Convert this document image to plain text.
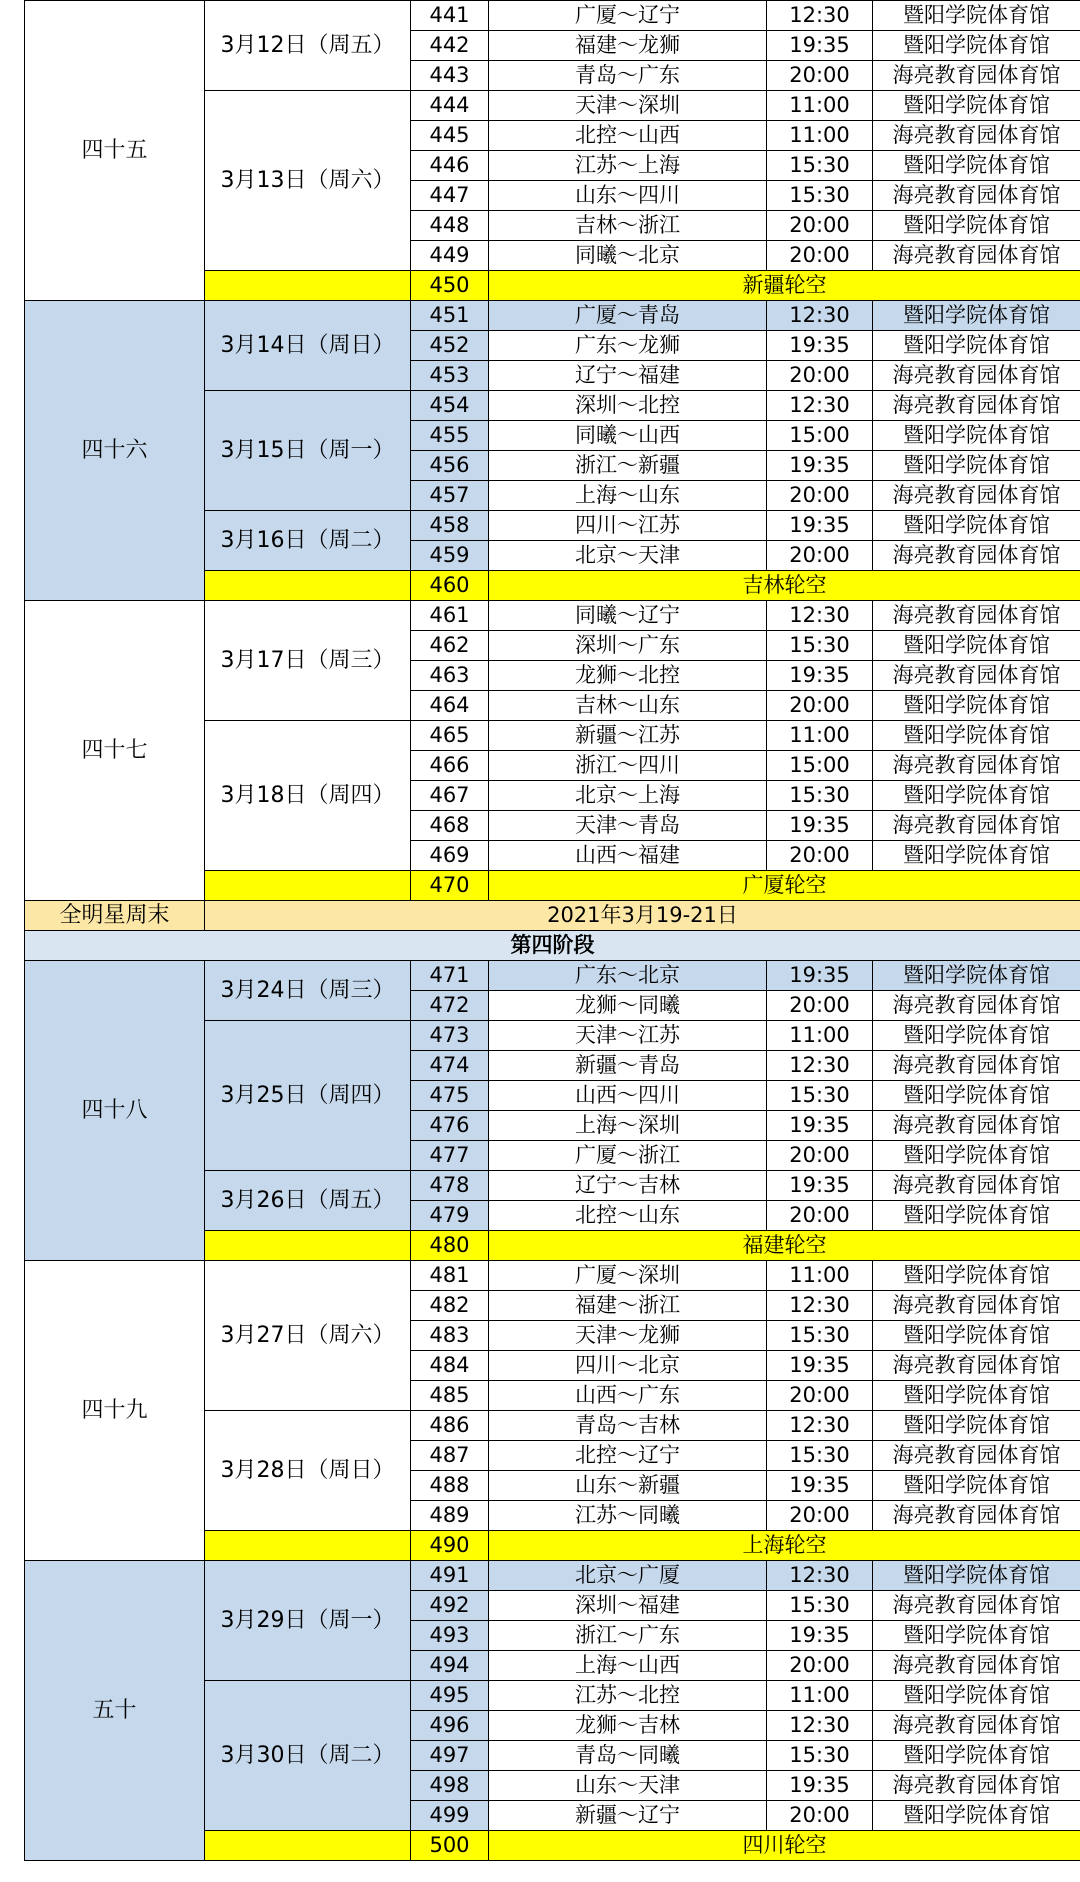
四十五	3月12日（周五）	441	广厦～辽宁	12:30	暨阳学院体育馆
		442	福建～龙狮	19:35	暨阳学院体育馆
		443	青岛～广东	20:00	海亮教育园体育馆
	3月13日（周六）	444	天津～深圳	11:00	暨阳学院体育馆
		445	北控～山西	11:00	海亮教育园体育馆
		446	江苏～上海	15:30	暨阳学院体育馆
		447	山东～四川	15:30	海亮教育园体育馆
		448	吉林～浙江	20:00	暨阳学院体育馆
		449	同曦～北京	20:00	海亮教育园体育馆
		450	新疆轮空		
四十六	3月14日（周日）	451	广厦～青岛	12:30	暨阳学院体育馆
		452	广东～龙狮	19:35	暨阳学院体育馆
		453	辽宁～福建	20:00	海亮教育园体育馆
	3月15日（周一）	454	深圳～北控	12:30	海亮教育园体育馆
		455	同曦～山西	15:00	暨阳学院体育馆
		456	浙江～新疆	19:35	暨阳学院体育馆
		457	上海～山东	20:00	海亮教育园体育馆
	3月16日（周二）	458	四川～江苏	19:35	暨阳学院体育馆
		459	北京～天津	20:00	海亮教育园体育馆
		460	吉林轮空		
四十七	3月17日（周三）	461	同曦～辽宁	12:30	海亮教育园体育馆
		462	深圳～广东	15:30	暨阳学院体育馆
		463	龙狮～北控	19:35	海亮教育园体育馆
		464	吉林～山东	20:00	暨阳学院体育馆
	3月18日（周四）	465	新疆～江苏	11:00	暨阳学院体育馆
		466	浙江～四川	15:00	海亮教育园体育馆
		467	北京～上海	15:30	暨阳学院体育馆
		468	天津～青岛	19:35	海亮教育园体育馆
		469	山西～福建	20:00	暨阳学院体育馆
		470	广厦轮空		
全明星周末	2021年3月19-21日				
第四阶段					
四十八	3月24日（周三）	471	广东～北京	19:35	暨阳学院体育馆
		472	龙狮～同曦	20:00	海亮教育园体育馆
	3月25日（周四）	473	天津～江苏	11:00	暨阳学院体育馆
		474	新疆～青岛	12:30	海亮教育园体育馆
		475	山西～四川	15:30	暨阳学院体育馆
		476	上海～深圳	19:35	海亮教育园体育馆
		477	广厦～浙江	20:00	暨阳学院体育馆
	3月26日（周五）	478	辽宁～吉林	19:35	海亮教育园体育馆
		479	北控～山东	20:00	暨阳学院体育馆
		480	福建轮空		
四十九	3月27日（周六）	481	广厦～深圳	11:00	暨阳学院体育馆
		482	福建～浙江	12:30	海亮教育园体育馆
		483	天津～龙狮	15:30	暨阳学院体育馆
		484	四川～北京	19:35	海亮教育园体育馆
		485	山西～广东	20:00	暨阳学院体育馆
	3月28日（周日）	486	青岛～吉林	12:30	暨阳学院体育馆
		487	北控～辽宁	15:30	海亮教育园体育馆
		488	山东～新疆	19:35	暨阳学院体育馆
		489	江苏～同曦	20:00	海亮教育园体育馆
		490	上海轮空		
五十	3月29日（周一）	491	北京～广厦	12:30	暨阳学院体育馆
		492	深圳～福建	15:30	海亮教育园体育馆
		493	浙江～广东	19:35	暨阳学院体育馆
		494	上海～山西	20:00	海亮教育园体育馆
	3月30日（周二）	495	江苏～北控	11:00	暨阳学院体育馆
		496	龙狮～吉林	12:30	海亮教育园体育馆
		497	青岛～同曦	15:30	暨阳学院体育馆
		498	山东～天津	19:35	海亮教育园体育馆
		499	新疆～辽宁	20:00	暨阳学院体育馆
		500	四川轮空		
